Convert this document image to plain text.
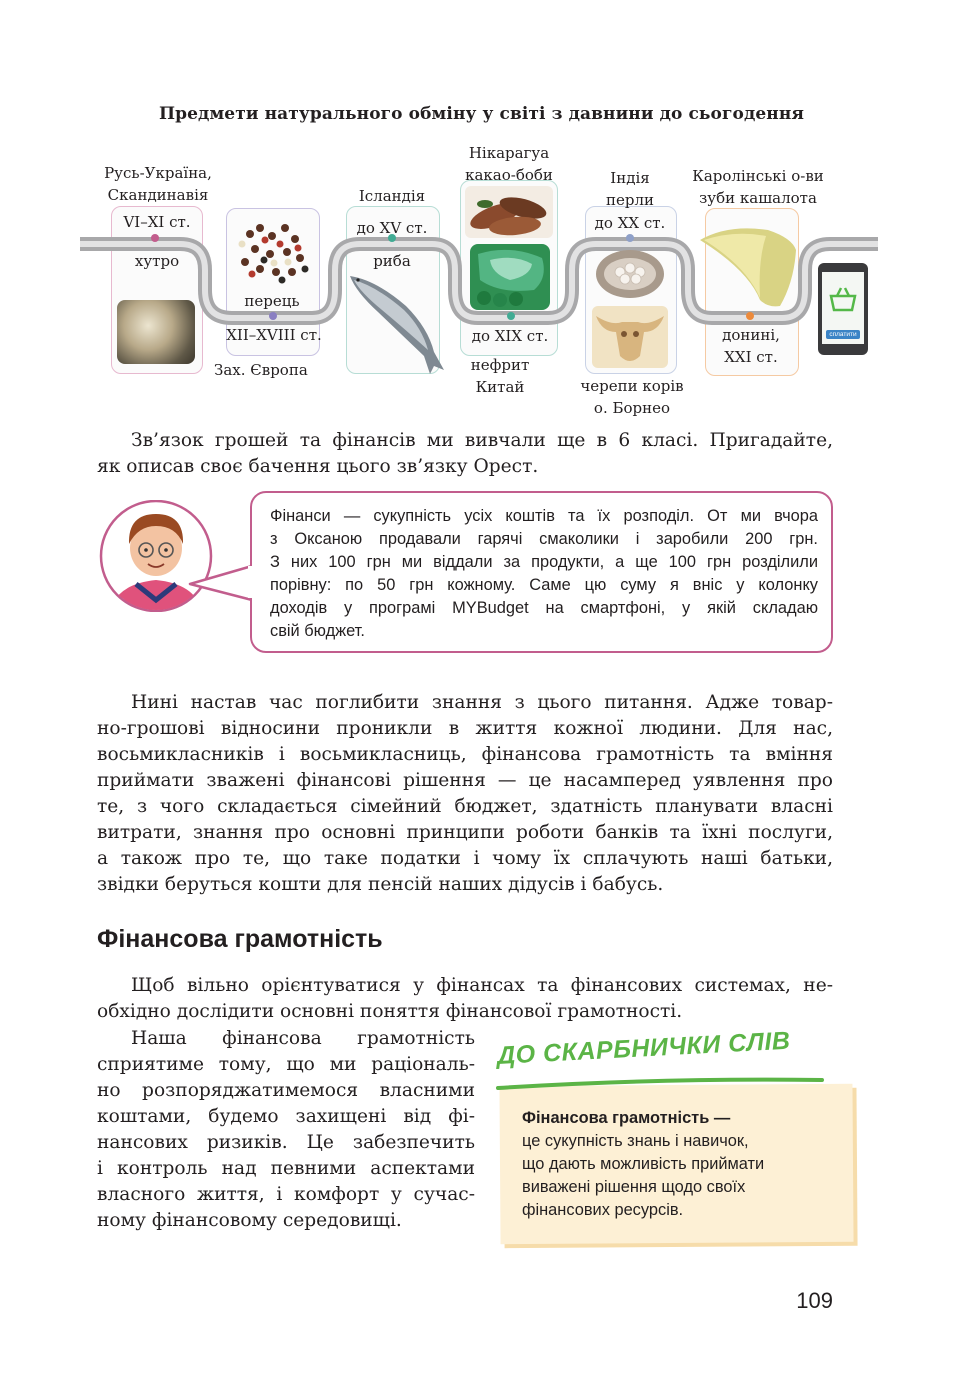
Предмети натурального обміну у світі з давнини до сьогодення
сплатити
Русь-Україна,
Скандинавія
VI–XI ст.
хутро
перець
XII–XVIII ст.
Зах. Європа
Ісландія
до XV ст.
риба
Нікарагуа
какао-боби
до XIX ст.
нефрит
Китай
Індія
перли
до XX ст.
черепи корів
о. Борнео
Каролінські о-ви
зуби кашалота
донині,
XXI ст.
Зв’язок грошей та фінансів ми вивчали ще в 6 класі. Пригадайте,
як описав своє бачення цього зв’язку Орест.
Фінанси — сукупність усіх коштів та їх розподіл. От ми вчора
з Оксаною продавали гарячі смаколики і заробили 200 грн.
З них 100 грн ми віддали за продукти, а ще 100 грн розділили
порівну: по 50 грн кожному. Саме цю суму я вніс у колонку
доходів у програмі MYBudget на смартфоні, у якій складаю
свій бюджет.
Нині настав час поглибити знання з цього питання. Адже товар-
но-грошові відносини проникли в життя кожної людини. Для нас,
восьмикласників і восьмикласниць, фінансова грамотність та вміння
приймати зважені фінансові рішення — це насамперед уявлення про
те, з чого складається сімейний бюджет, здатність планувати власні
витрати, знання про основні принципи роботи банків та їхні послуги,
а також про те, що таке податки і чому їх сплачують наші батьки,
звідки беруться кошти для пенсій наших дідусів і бабусь.
Фінансова грамотність
Щоб вільно орієнтуватися у фінансах та фінансових системах, не-
обхідно дослідити основні поняття фінансової грамотності.
Наша фінансова грамотність
сприятиме тому, що ми раціональ-
но розпоряджатимемося власними
коштами, будемо захищені від фі-
нансових ризиків. Це забезпечить
і контроль над певними аспектами
власного життя, і комфорт у сучас-
ному фінансовому середовищі.
ДО СКАРБНИЧКИ СЛІВ
Фінансова грамотність —
це сукупність знань і навичок,
що дають можливість приймати
виважені рішення щодо своїх
фінансових ресурсів.
109
